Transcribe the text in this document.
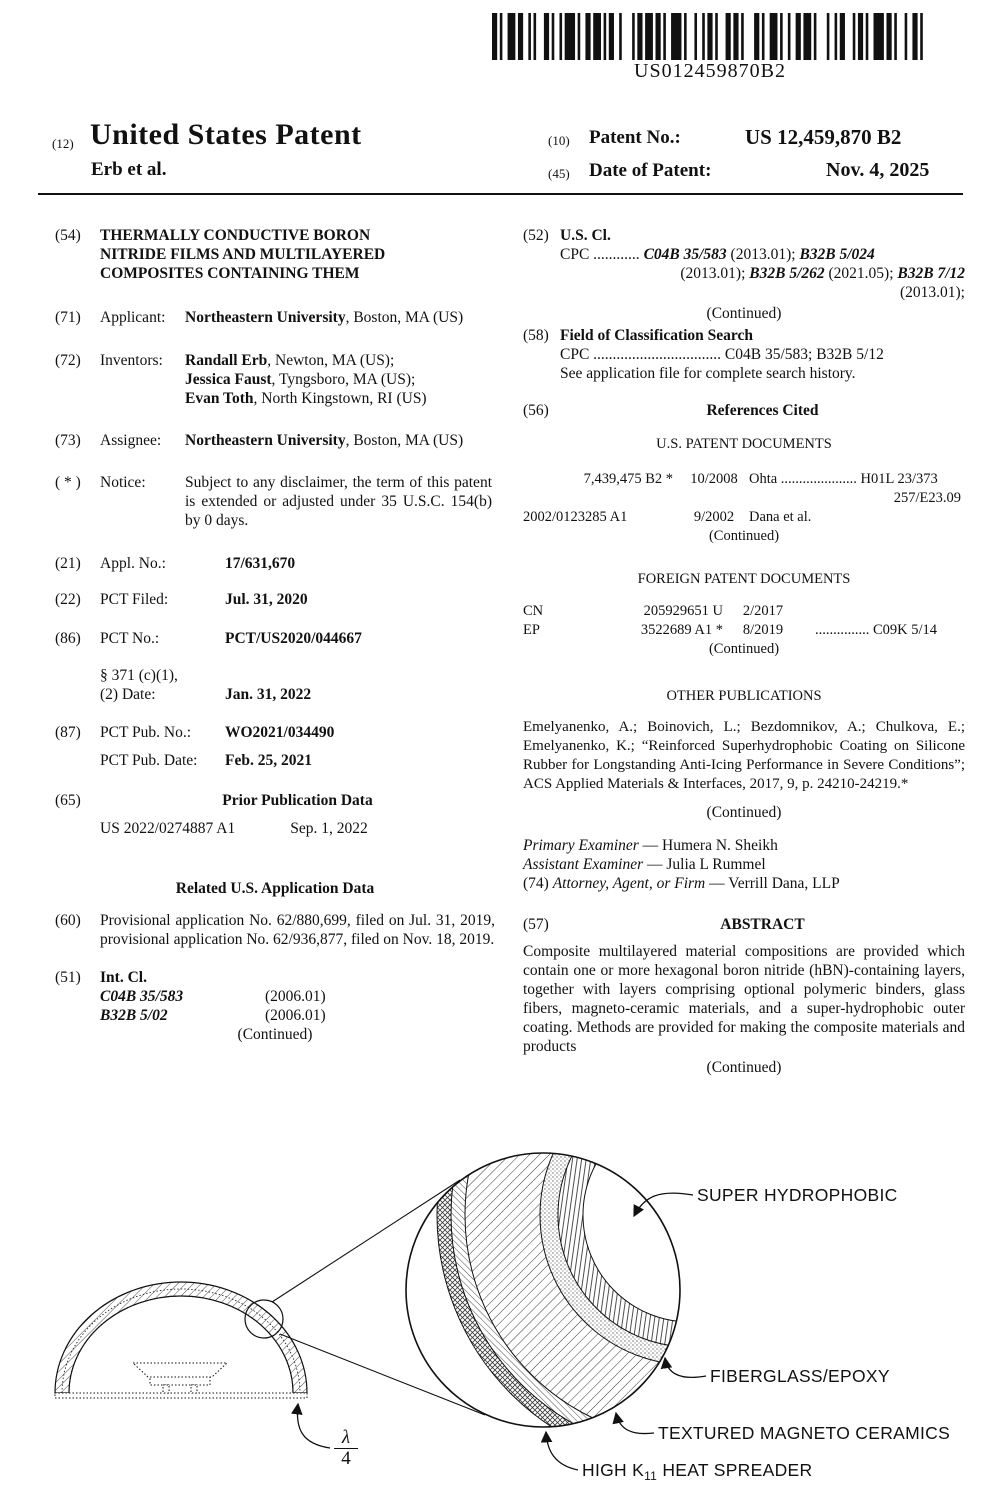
US012459870B2
(12) United States Patent
Erb et al.
(10) Patent No.:	US 12,459,870 B2
(45) Date of Patent:	Nov. 4, 2025
(54)	THERMALLY CONDUCTIVE BORON NITRIDE FILMS AND MULTILAYERED COMPOSITES CONTAINING THEM
(71)	Applicant:	Northeastern University, Boston, MA (US)
(72)	Inventors:	Randall Erb, Newton, MA (US);
Jessica Faust, Tyngsboro, MA (US);
Evan Toth, North Kingstown, RI (US)
(73)	Assignee:	Northeastern University, Boston, MA (US)
( * )	Notice:	Subject to any disclaimer, the term of this patent is extended or adjusted under 35 U.S.C. 154(b) by 0 days.
(21)	Appl. No.:	17/631,670
(22)	PCT Filed:	Jul. 31, 2020
(86)	PCT No.:	PCT/US2020/044667
§ 371 (c)(1),
(2) Date:	Jan. 31, 2022
(87)	PCT Pub. No.:	WO2021/034490
PCT Pub. Date:	Feb. 25, 2021
(65)	Prior Publication Data
US 2022/0274887 A1	Sep. 1, 2022
Related U.S. Application Data
(60)	Provisional application No. 62/880,699, filed on Jul. 31, 2019, provisional application No. 62/936,877, filed on Nov. 18, 2019.
(51)	Int. Cl.
C04B 35/583	(2006.01)
B32B 5/02	(2006.01)
(Continued)
(52) U.S. Cl.
CPC ............ C04B 35/583 (2013.01); B32B 5/024
(2013.01); B32B 5/262 (2021.05); B32B 7/12
(2013.01);
(Continued)
(58) Field of Classification Search
CPC ................................. C04B 35/583; B32B 5/12
See application file for complete search history.
(56)	References Cited
U.S. PATENT DOCUMENTS
7,439,475 B2 *	10/2008 Ohta ..................... H01L 23/373
257/E23.09
2002/0123285 A1	9/2002	Dana et al.
(Continued)
FOREIGN PATENT DOCUMENTS
CN	205929651 U	2/2017
EP	3522689 A1 *	8/2019	............... C09K 5/14
(Continued)
OTHER PUBLICATIONS
Emelyanenko, A.; Boinovich, L.; Bezdomnikov, A.; Chulkova, E.; Emelyanenko, K.; “Reinforced Superhydrophobic Coating on Silicone Rubber for Longstanding Anti-Icing Performance in Severe Conditions”; ACS Applied Materials & Interfaces, 2017, 9, p. 24210-24219.*
(Continued)
Primary Examiner — Humera N. Sheikh
Assistant Examiner — Julia L Rummel
(74) Attorney, Agent, or Firm — Verrill Dana, LLP
(57)	ABSTRACT
Composite multilayered material compositions are provided which contain one or more hexagonal boron nitride (hBN)-containing layers, together with layers comprising optional polymeric binders, glass fibers, magneto-ceramic materials, and a super-hydrophobic outer coating. Methods are provided for making the composite materials and products
(Continued)
SUPER HYDROPHOBIC
FIBERGLASS/EPOXY
TEXTURED MAGNETO CERAMICS
HIGH $K_{11}$ HEAT SPREADER
$\frac{\lambda}{4}$
